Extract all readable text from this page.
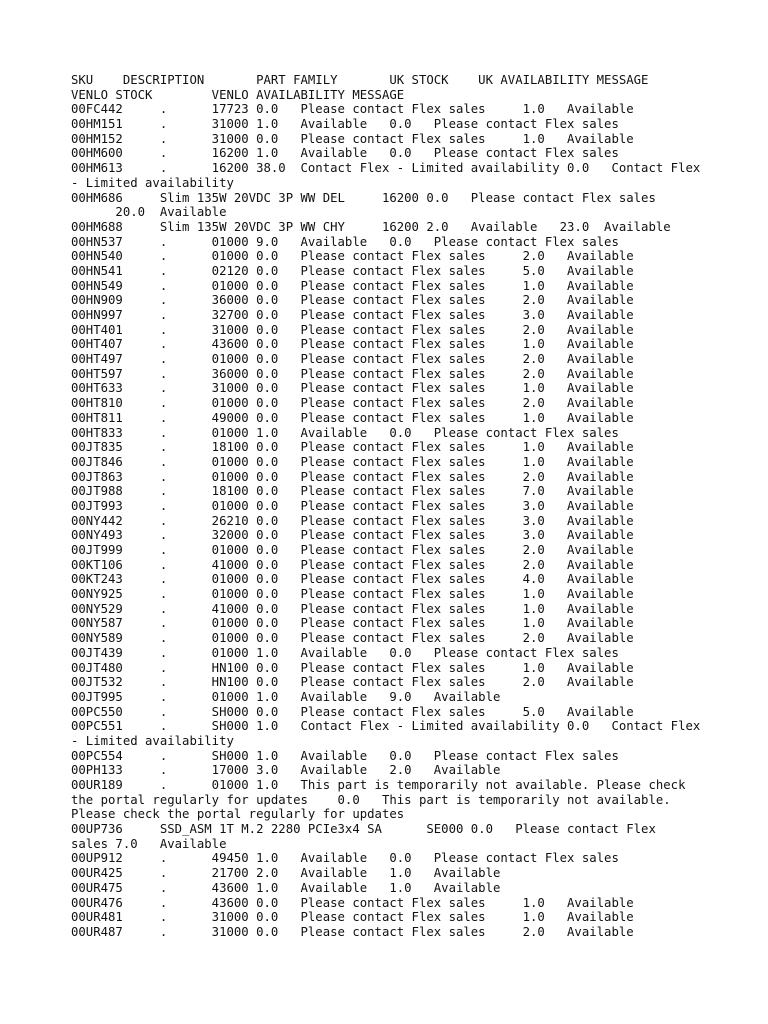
SKU    DESCRIPTION       PART FAMILY       UK STOCK    UK AVAILABILITY MESSAGE
VENLO STOCK        VENLO AVAILABILITY MESSAGE
00FC442     .      17723 0.0   Please contact Flex sales     1.0   Available
00HM151     .      31000 1.0   Available   0.0   Please contact Flex sales
00HM152     .      31000 0.0   Please contact Flex sales     1.0   Available
00HM600     .      16200 1.0   Available   0.0   Please contact Flex sales
00HM613     .      16200 38.0  Contact Flex - Limited availability 0.0   Contact Flex
- Limited availability
00HM686     Slim 135W 20VDC 3P WW DEL     16200 0.0   Please contact Flex sales
20.0  Available
00HM688     Slim 135W 20VDC 3P WW CHY     16200 2.0   Available   23.0  Available
00HN537     .      01000 9.0   Available   0.0   Please contact Flex sales
00HN540     .      01000 0.0   Please contact Flex sales     2.0   Available
00HN541     .      02120 0.0   Please contact Flex sales     5.0   Available
00HN549     .      01000 0.0   Please contact Flex sales     1.0   Available
00HN909     .      36000 0.0   Please contact Flex sales     2.0   Available
00HN997     .      32700 0.0   Please contact Flex sales     3.0   Available
00HT401     .      31000 0.0   Please contact Flex sales     2.0   Available
00HT407     .      43600 0.0   Please contact Flex sales     1.0   Available
00HT497     .      01000 0.0   Please contact Flex sales     2.0   Available
00HT597     .      36000 0.0   Please contact Flex sales     2.0   Available
00HT633     .      31000 0.0   Please contact Flex sales     1.0   Available
00HT810     .      01000 0.0   Please contact Flex sales     2.0   Available
00HT811     .      49000 0.0   Please contact Flex sales     1.0   Available
00HT833     .      01000 1.0   Available   0.0   Please contact Flex sales
00JT835     .      18100 0.0   Please contact Flex sales     1.0   Available
00JT846     .      01000 0.0   Please contact Flex sales     1.0   Available
00JT863     .      01000 0.0   Please contact Flex sales     2.0   Available
00JT988     .      18100 0.0   Please contact Flex sales     7.0   Available
00JT993     .      01000 0.0   Please contact Flex sales     3.0   Available
00NY442     .      26210 0.0   Please contact Flex sales     3.0   Available
00NY493     .      32000 0.0   Please contact Flex sales     3.0   Available
00JT999     .      01000 0.0   Please contact Flex sales     2.0   Available
00KT106     .      41000 0.0   Please contact Flex sales     2.0   Available
00KT243     .      01000 0.0   Please contact Flex sales     4.0   Available
00NY925     .      01000 0.0   Please contact Flex sales     1.0   Available
00NY529     .      41000 0.0   Please contact Flex sales     1.0   Available
00NY587     .      01000 0.0   Please contact Flex sales     1.0   Available
00NY589     .      01000 0.0   Please contact Flex sales     2.0   Available
00JT439     .      01000 1.0   Available   0.0   Please contact Flex sales
00JT480     .      HN100 0.0   Please contact Flex sales     1.0   Available
00JT532     .      HN100 0.0   Please contact Flex sales     2.0   Available
00JT995     .      01000 1.0   Available   9.0   Available
00PC550     .      SH000 0.0   Please contact Flex sales     5.0   Available
00PC551     .      SH000 1.0   Contact Flex - Limited availability 0.0   Contact Flex
- Limited availability
00PC554     .      SH000 1.0   Available   0.0   Please contact Flex sales
00PH133     .      17000 3.0   Available   2.0   Available
00UR189     .      01000 1.0   This part is temporarily not available. Please check
the portal regularly for updates    0.0   This part is temporarily not available.
Please check the portal regularly for updates
00UP736     SSD_ASM 1T M.2 2280 PCIe3x4 SA      SE000 0.0   Please contact Flex
sales 7.0   Available
00UP912     .      49450 1.0   Available   0.0   Please contact Flex sales
00UR425     .      21700 2.0   Available   1.0   Available
00UR475     .      43600 1.0   Available   1.0   Available
00UR476     .      43600 0.0   Please contact Flex sales     1.0   Available
00UR481     .      31000 0.0   Please contact Flex sales     1.0   Available
00UR487     .      31000 0.0   Please contact Flex sales     2.0   Available
